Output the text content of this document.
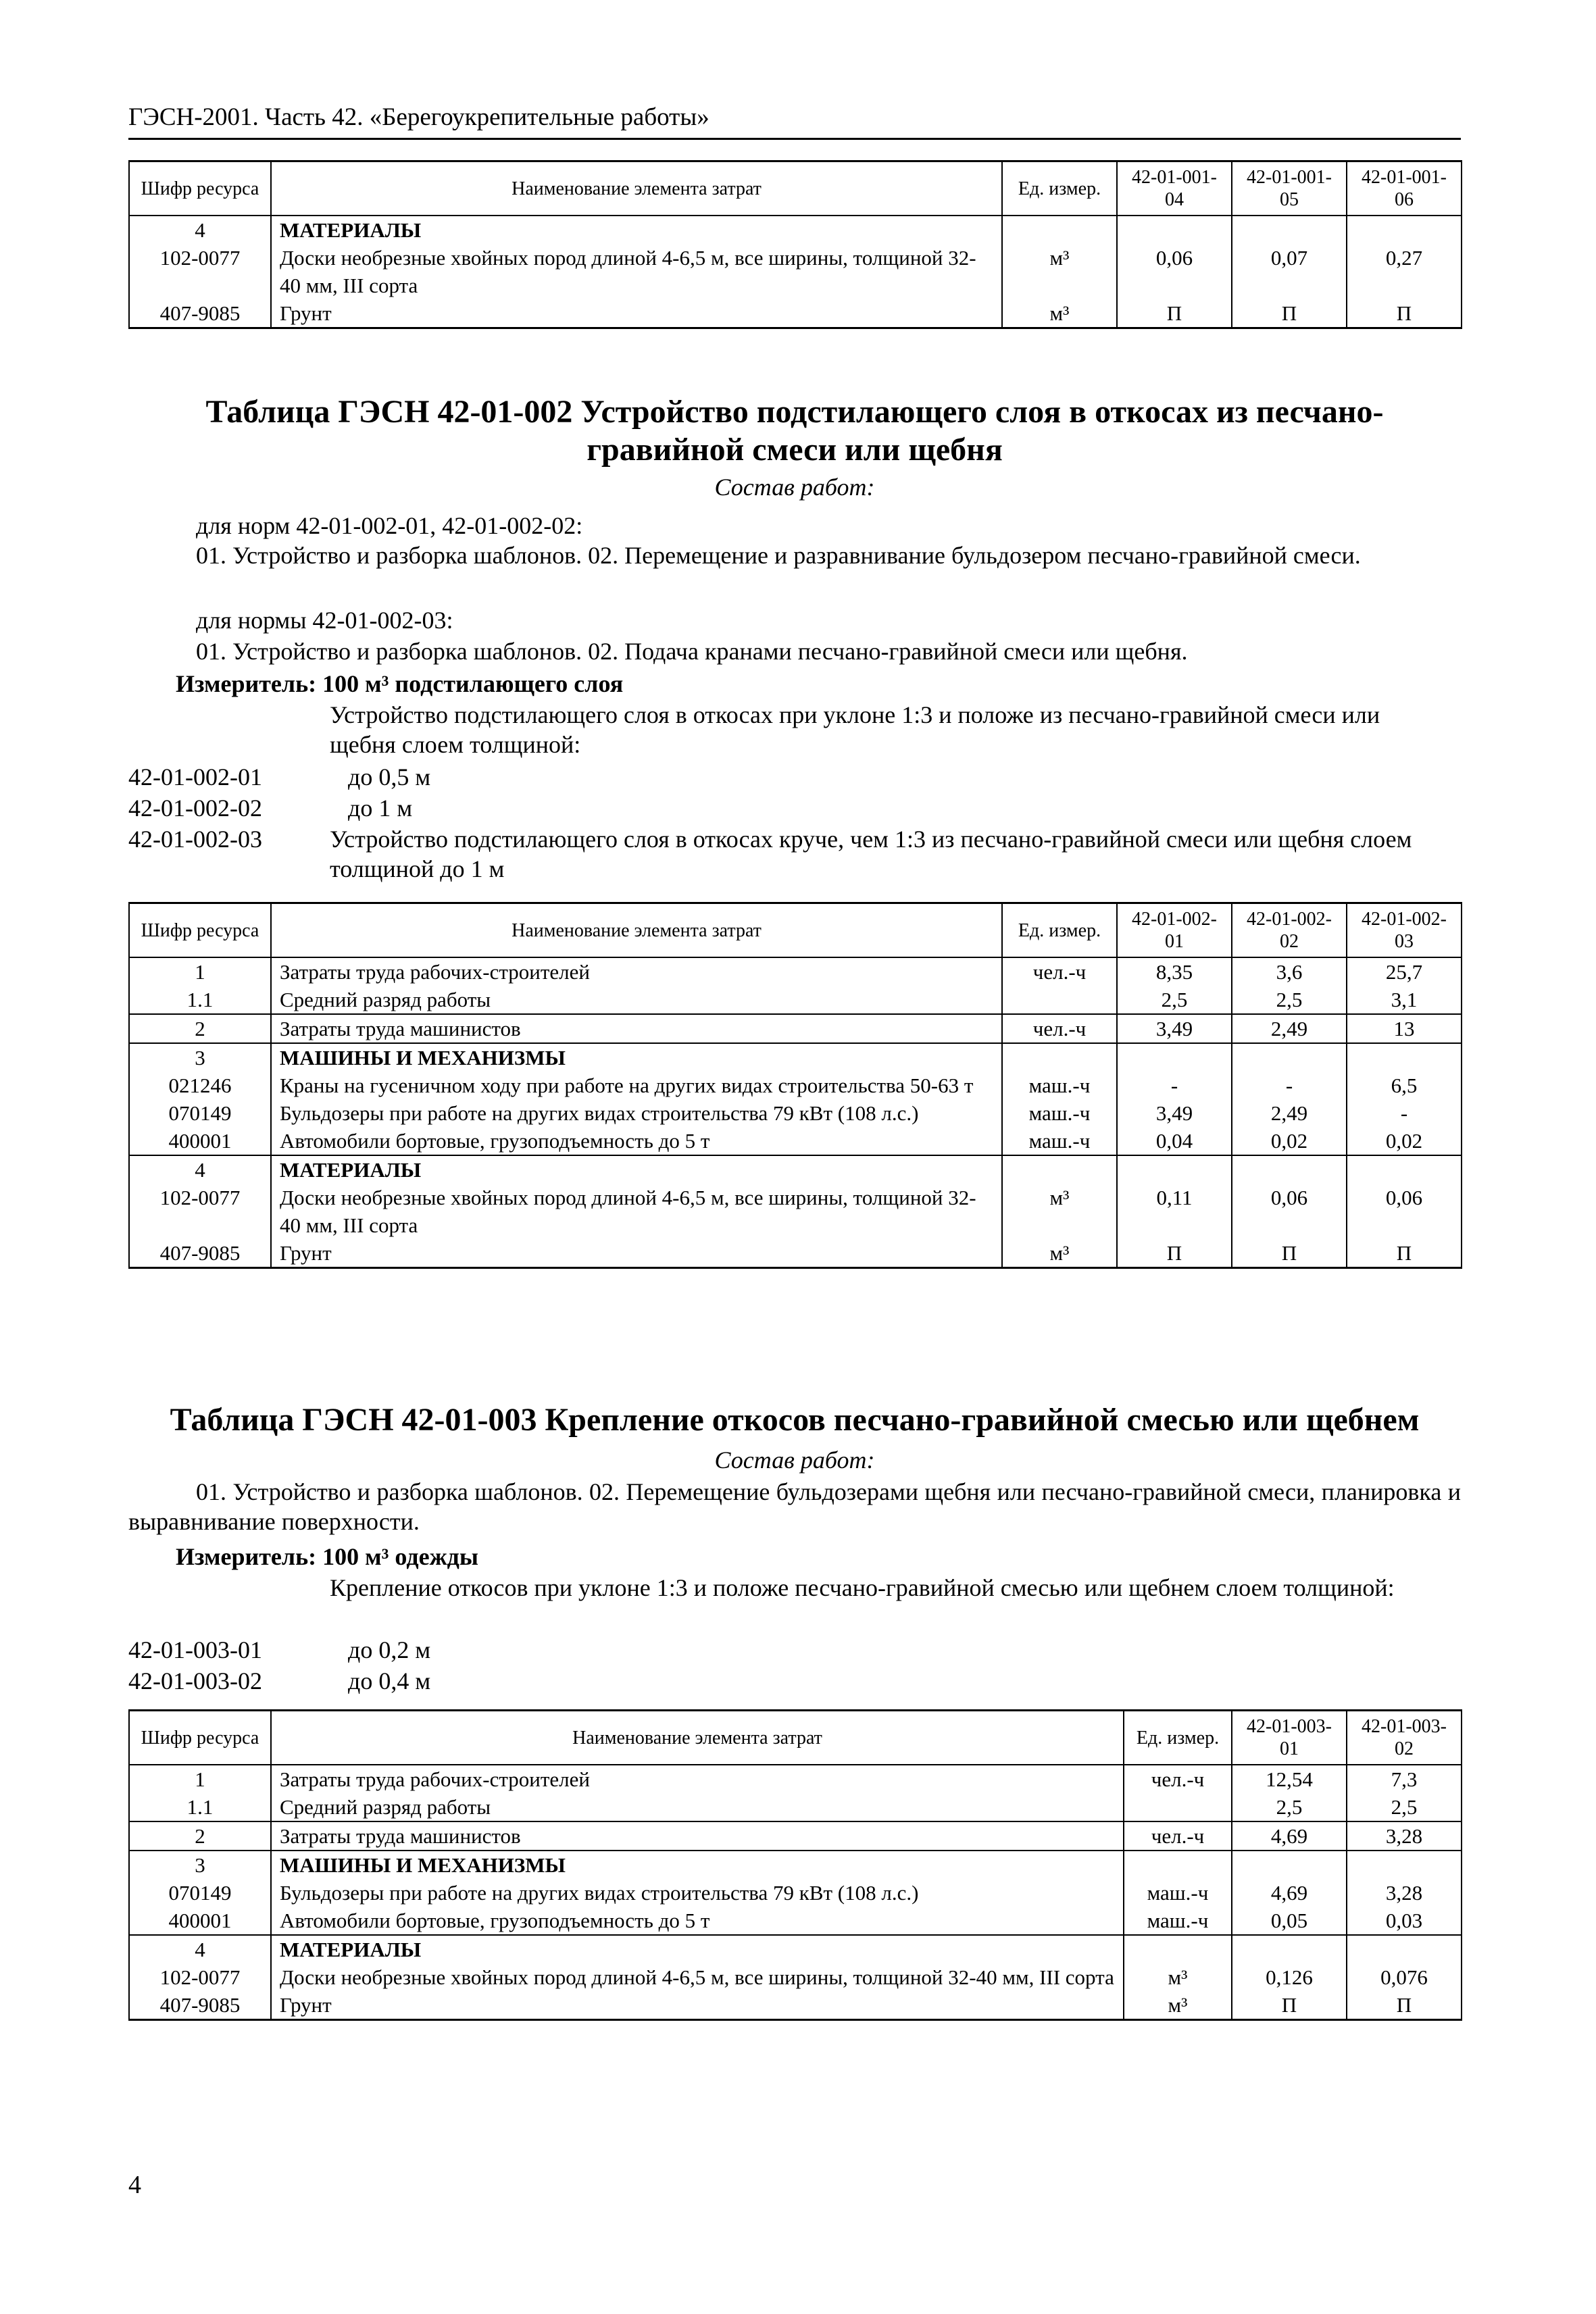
ГЭСН-2001. Часть 42. «Берегоукрепительные работы»
Шифр ресурса	Наименование элемента затрат	Ед. измер.	42-01-001-04	42-01-001-05	42-01-001-06
4	МАТЕРИАЛЫ				
102-0077	Доски необрезные хвойных пород длиной 4-6,5 м, все ширины, толщиной 32-40 мм, III сорта	м³	0,06	0,07	0,27
407-9085	Грунт	м³	П	П	П
Таблица ГЭСН 42-01-002 Устройство подстилающего слоя в откосах из песчано-гравийной смеси или щебня
Состав работ:
для норм 42-01-002-01, 42-01-002-02:
01. Устройство и разборка шаблонов. 02. Перемещение и разравнивание бульдозером песчано-гравийной смеси.
для нормы 42-01-002-03:
01. Устройство и разборка шаблонов. 02. Подача кранами песчано-гравийной смеси или щебня.
Измеритель: 100 м³ подстилающего слоя
Устройство подстилающего слоя в откосах при уклоне 1:3 и положе из песчано-гравийной смеси или щебня слоем толщиной:
42-01-002-01	до 0,5 м
42-01-002-02	до 1 м
42-01-002-03	Устройство подстилающего слоя в откосах круче, чем 1:3 из песчано-гравийной смеси или щебня слоем толщиной до 1 м
Шифр ресурса	Наименование элемента затрат	Ед. измер.	42-01-002-01	42-01-002-02	42-01-002-03
1	Затраты труда рабочих-строителей	чел.-ч	8,35	3,6	25,7
1.1	Средний разряд работы		2,5	2,5	3,1
2	Затраты труда машинистов	чел.-ч	3,49	2,49	13
3	МАШИНЫ И МЕХАНИЗМЫ				
021246	Краны на гусеничном ходу при работе на других видах строительства 50-63 т	маш.-ч	-	-	6,5
070149	Бульдозеры при работе на других видах строительства 79 кВт (108 л.с.)	маш.-ч	3,49	2,49	-
400001	Автомобили бортовые, грузоподъемность до 5 т	маш.-ч	0,04	0,02	0,02
4	МАТЕРИАЛЫ				
102-0077	Доски необрезные хвойных пород длиной 4-6,5 м, все ширины, толщиной 32-40 мм, III сорта	м³	0,11	0,06	0,06
407-9085	Грунт	м³	П	П	П
Таблица ГЭСН 42-01-003 Крепление откосов песчано-гравийной смесью или щебнем
Состав работ:
01. Устройство и разборка шаблонов. 02. Перемещение бульдозерами щебня или песчано-гравийной смеси, планировка и выравнивание поверхности.
Измеритель: 100 м³ одежды
Крепление откосов при уклоне 1:3 и положе песчано-гравийной смесью или щебнем слоем толщиной:
42-01-003-01	до 0,2 м
42-01-003-02	до 0,4 м
Шифр ресурса	Наименование элемента затрат	Ед. измер.	42-01-003-01	42-01-003-02
1	Затраты труда рабочих-строителей	чел.-ч	12,54	7,3
1.1	Средний разряд работы		2,5	2,5
2	Затраты труда машинистов	чел.-ч	4,69	3,28
3	МАШИНЫ И МЕХАНИЗМЫ			
070149	Бульдозеры при работе на других видах строительства 79 кВт (108 л.с.)	маш.-ч	4,69	3,28
400001	Автомобили бортовые, грузоподъемность до 5 т	маш.-ч	0,05	0,03
4	МАТЕРИАЛЫ			
102-0077	Доски необрезные хвойных пород длиной 4-6,5 м, все ширины, толщиной 32-40 мм, III сорта	м³	0,126	0,076
407-9085	Грунт	м³	П	П
4
